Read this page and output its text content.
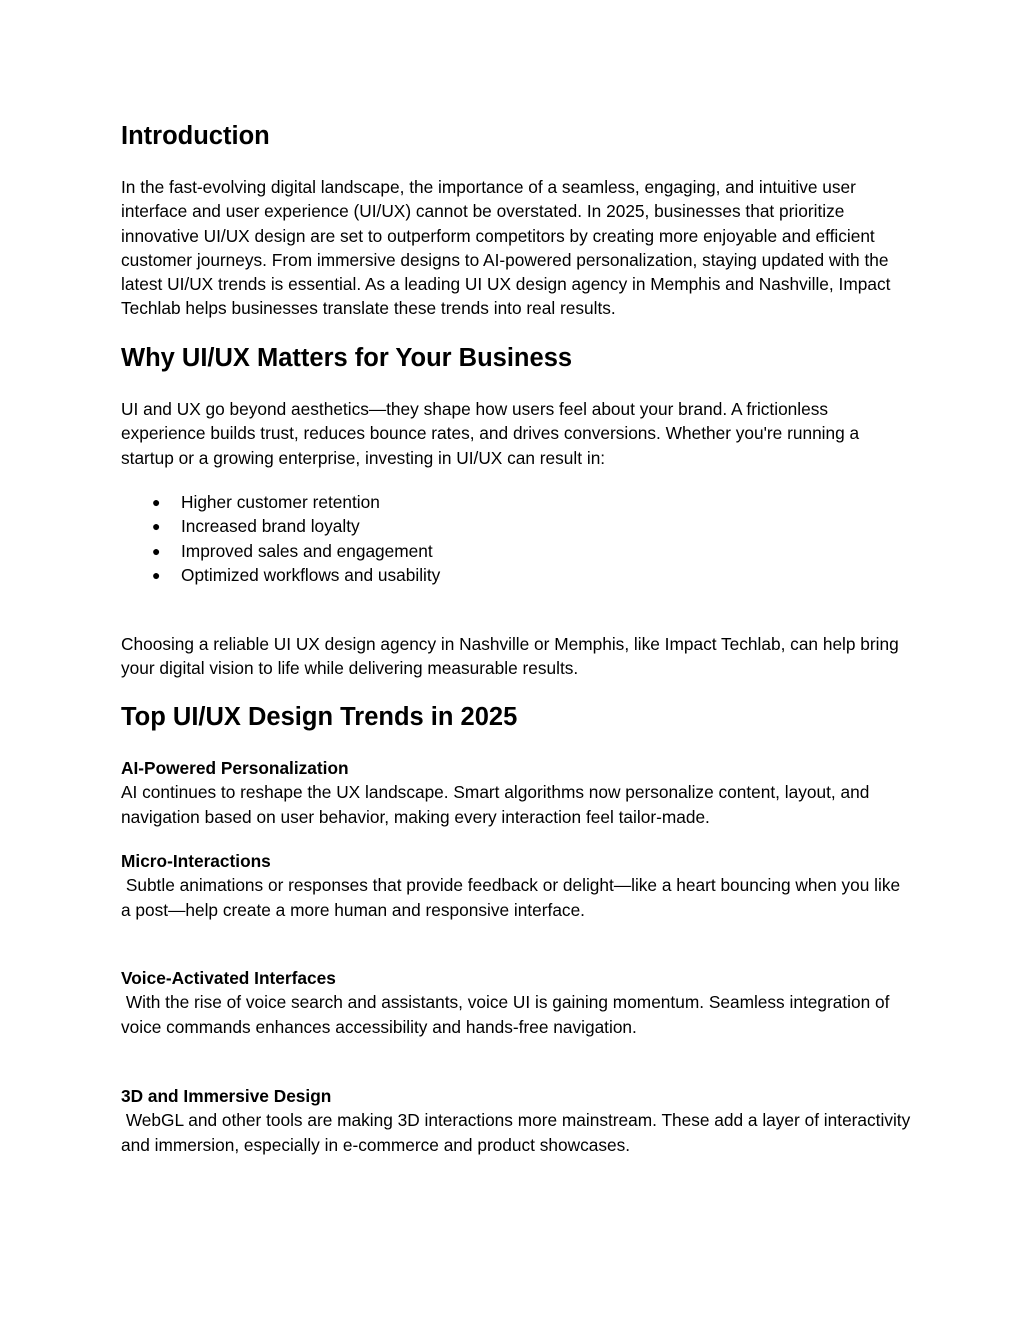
Introduction

In the fast-evolving digital landscape, the importance of a seamless, engaging, and intuitive user interface and user experience (UI/UX) cannot be overstated. In 2025, businesses that prioritize innovative UI/UX design are set to outperform competitors by creating more enjoyable and efficient customer journeys. From immersive designs to AI-powered personalization, staying updated with the latest UI/UX trends is essential. As a leading UI UX design agency in Memphis and Nashville, Impact Techlab helps businesses translate these trends into real results.

Why UI/UX Matters for Your Business

UI and UX go beyond aesthetics—they shape how users feel about your brand. A frictionless experience builds trust, reduces bounce rates, and drives conversions. Whether you're running a startup or a growing enterprise, investing in UI/UX can result in:

● Higher customer retention
● Increased brand loyalty
● Improved sales and engagement
● Optimized workflows and usability

Choosing a reliable UI UX design agency in Nashville or Memphis, like Impact Techlab, can help bring your digital vision to life while delivering measurable results.

Top UI/UX Design Trends in 2025
AI-Powered Personalization
AI continues to reshape the UX landscape. Smart algorithms now personalize content, layout, and navigation based on user behavior, making every interaction feel tailor-made.
Micro-Interactions
Subtle animations or responses that provide feedback or delight—like a heart bouncing when you like a post—help create a more human and responsive interface.
Voice-Activated Interfaces
With the rise of voice search and assistants, voice UI is gaining momentum. Seamless integration of voice commands enhances accessibility and hands-free navigation.
3D and Immersive Design
WebGL and other tools are making 3D interactions more mainstream. These add a layer of interactivity and immersion, especially in e-commerce and product showcases.
